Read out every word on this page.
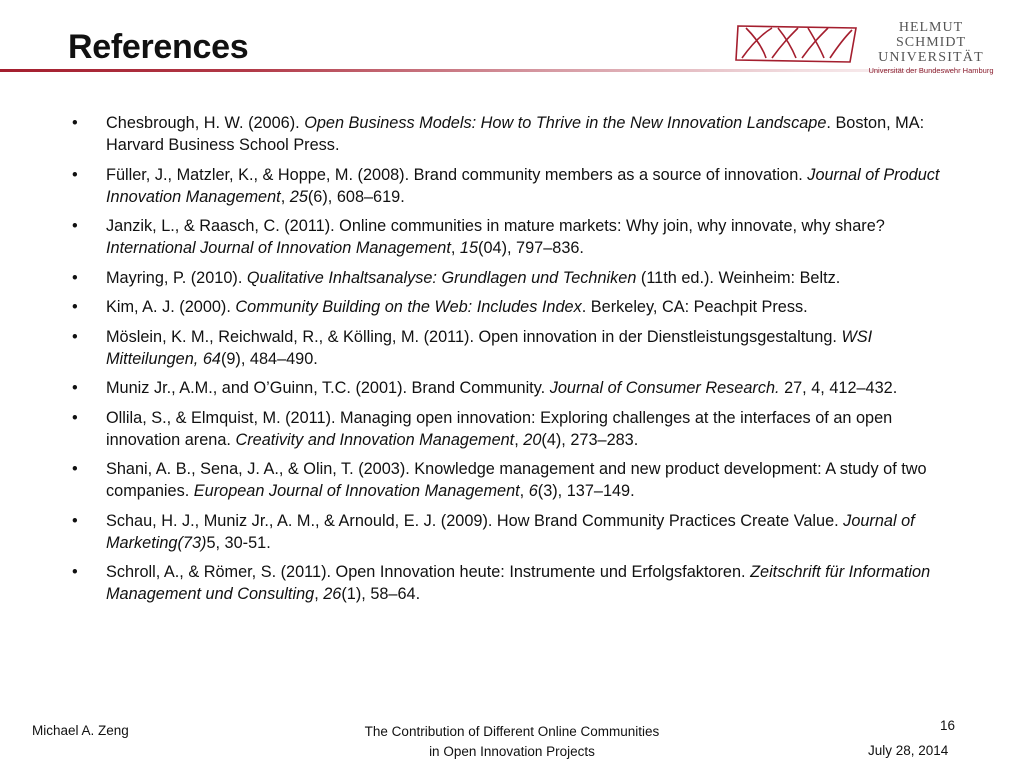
References
HELMUT SCHMIDT
UNIVERSITÄT
Universität der Bundeswehr Hamburg
• Chesbrough, H. W. (2006). Open Business Models: How to Thrive in the New Innovation Landscape. Boston, MA: Harvard Business School Press.
• Füller, J., Matzler, K., & Hoppe, M. (2008). Brand community members as a source of innovation. Journal of Product Innovation Management, 25(6), 608–619.
• Janzik, L., & Raasch, C. (2011). Online communities in mature markets: Why join, why innovate, why share? International Journal of Innovation Management, 15(04), 797–836.
• Mayring, P. (2010). Qualitative Inhaltsanalyse: Grundlagen und Techniken (11th ed.). Weinheim: Beltz.
• Kim, A. J. (2000). Community Building on the Web: Includes Index. Berkeley, CA: Peachpit Press.
• Möslein, K. M., Reichwald, R., & Kölling, M. (2011). Open innovation in der Dienstleistungsgestaltung. WSI Mitteilungen, 64(9), 484–490.
• Muniz Jr., A.M., and O’Guinn, T.C. (2001). Brand Community. Journal of Consumer Research. 27, 4, 412–432.
• Ollila, S., & Elmquist, M. (2011). Managing open innovation: Exploring challenges at the interfaces of an open innovation arena. Creativity and Innovation Management, 20(4), 273–283.
• Shani, A. B., Sena, J. A., & Olin, T. (2003). Knowledge management and new product development: A study of two companies. European Journal of Innovation Management, 6(3), 137–149.
• Schau, H. J., Muniz Jr., A. M., & Arnould, E. J. (2009). How Brand Community Practices Create Value. Journal of Marketing(73)5, 30-51.
• Schroll, A., & Römer, S. (2011). Open Innovation heute: Instrumente und Erfolgsfaktoren. Zeitschrift für Information Management und Consulting, 26(1), 58–64.
Michael A. Zeng	The Contribution of Different Online Communities
in Open Innovation Projects
16
July 28, 2014
